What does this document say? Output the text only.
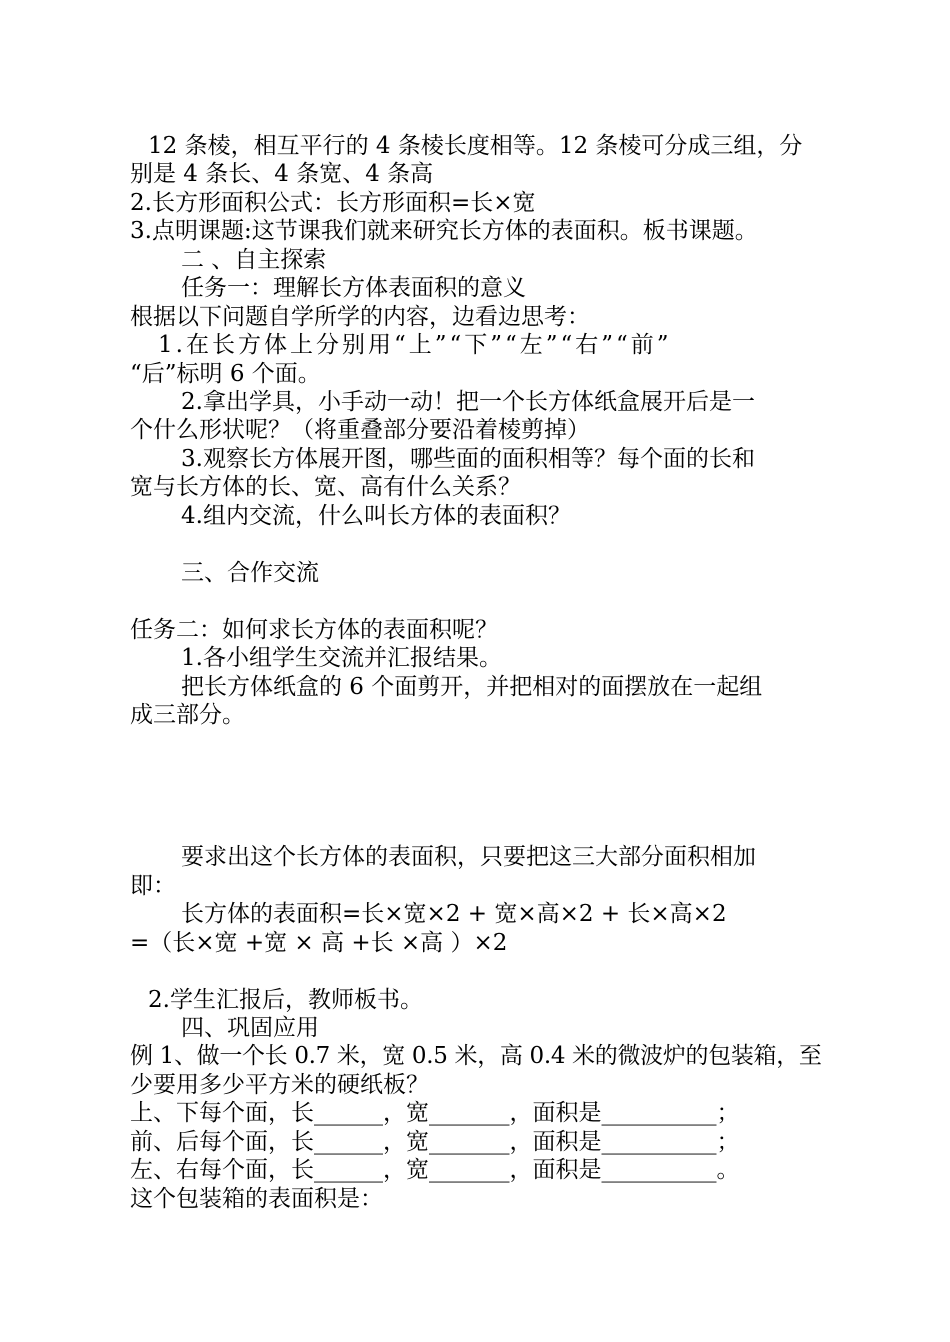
12 条棱，相互平行的 4 条棱长度相等。12 条棱可分成三组，分
别是 4 条长、4 条宽、4 条高
2.长方形面积公式：长方形面积=长×宽
3.点明课题:这节课我们就来研究长方体的表面积。板书课题。
二 、自主探索
任务一：理解长方体表面积的意义
根据以下问题自学所学的内容，边看边思考：
1.在长方体上分别用“上”“下”“左”“右”“前”
“后”标明 6 个面。
2.拿出学具，小手动一动！把一个长方体纸盒展开后是一
个什么形状呢？（将重叠部分要沿着棱剪掉）
3.观察长方体展开图，哪些面的面积相等？每个面的长和
宽与长方体的长、宽、高有什么关系？
4.组内交流，什么叫长方体的表面积？
三、合作交流
任务二：如何求长方体的表面积呢？
1.各小组学生交流并汇报结果。
把长方体纸盒的 6 个面剪开，并把相对的面摆放在一起组
成三部分。
要求出这个长方体的表面积，只要把这三大部分面积相加
即：
长方体的表面积=长×宽×2 + 宽×高×2 + 长×高×2
=（长×宽 +宽 × 高 +长 ×高 ）×2
2.学生汇报后，教师板书。
四、巩固应用
例 1、做一个长 0.7 米，宽 0.5 米，高 0.4 米的微波炉的包装箱，至
少要用多少平方米的硬纸板？
上、下每个面，长______，宽_______，面积是__________；
前、后每个面，长______，宽_______，面积是__________；
左、右每个面，长______，宽_______，面积是__________。
这个包装箱的表面积是：
